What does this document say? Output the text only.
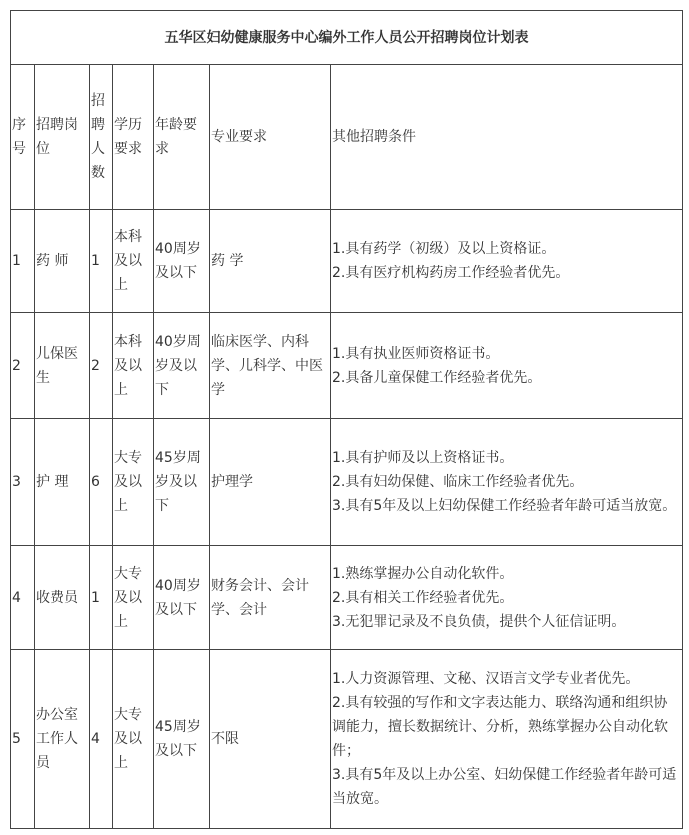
五华区妇幼健康服务中心编外工作人员公开招聘岗位计划表						
序号	招聘岗位	招聘人数	学历要求	年龄要求	专业要求	其他招聘条件
1	药 师	1	本科及以上	40周岁及以下	药 学	1.具有药学（初级）及以上资格证。
2.具有医疗机构药房工作经验者优先。

2	儿保医生	2	本科及以上	40岁周岁及以下	临床医学、内科学、儿科学、中医学	1.具有执业医师资格证书。
2.具备儿童保健工作经验者优先。

3	护 理	6	大专及以上	45岁周岁及以下	护理学	1.具有护师及以上资格证书。
2.具有妇幼保健、临床工作经验者优先。
3.具有5年及以上妇幼保健工作经验者年龄可适当放宽。

4	收费员	1	大专及以上	40周岁及以下	财务会计、会计学、会计	1.熟练掌握办公自动化软件。
2.具有相关工作经验者优先。
3.无犯罪记录及不良负债，提供个人征信证明。

5	办公室工作人员	4	大专及以上	45周岁及以下	不限	1.人力资源管理、文秘、汉语言文学专业者优先。
2.具有较强的写作和文字表达能力、联络沟通和组织协调能力，擅长数据统计、分析，熟练掌握办公自动化软件；
3.具有5年及以上办公室、妇幼保健工作经验者年龄可适当放宽。
